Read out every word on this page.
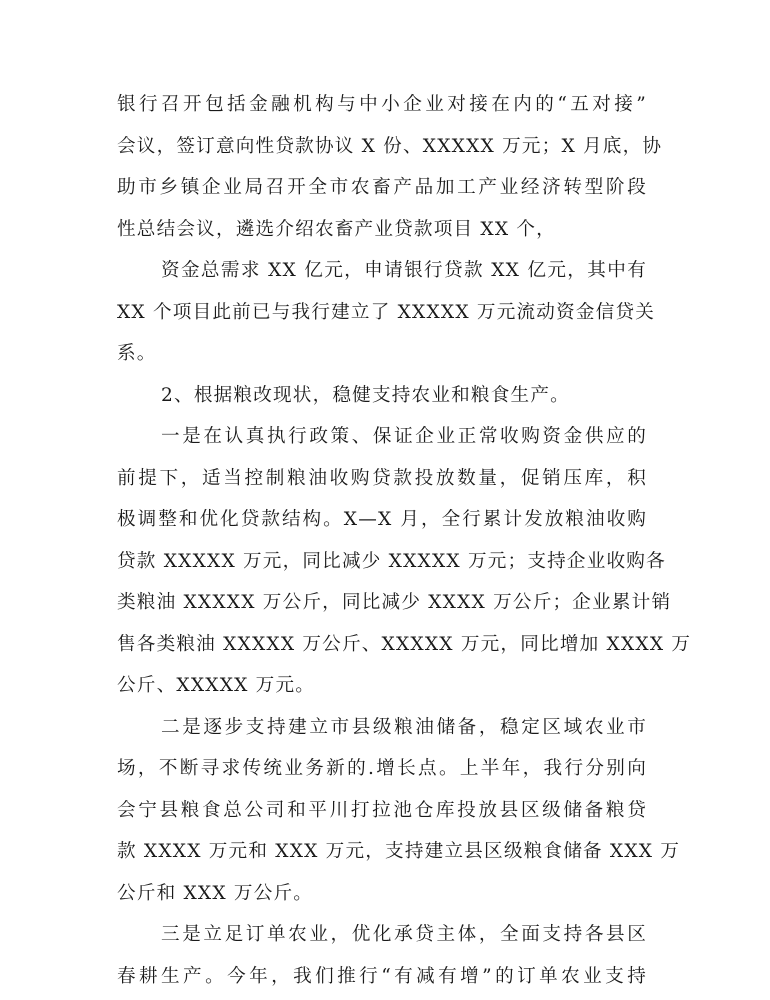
银行召开包括金融机构与中小企业对接在内的“五对接”
会议，签订意向性贷款协议 X 份、XXXXX 万元；X 月底，协
助市乡镇企业局召开全市农畜产品加工产业经济转型阶段
性总结会议，遴选介绍农畜产业贷款项目 XX 个，

资金总需求 XX 亿元，申请银行贷款 XX 亿元，其中有
XX 个项目此前已与我行建立了 XXXXX 万元流动资金信贷关
系。

2、根据粮改现状，稳健支持农业和粮食生产。

一是在认真执行政策、保证企业正常收购资金供应的
前提下，适当控制粮油收购贷款投放数量，促销压库，积
极调整和优化贷款结构。X—X 月，全行累计发放粮油收购
贷款 XXXXX 万元，同比减少 XXXXX 万元；支持企业收购各
类粮油 XXXXX 万公斤，同比减少 XXXX 万公斤；企业累计销
售各类粮油 XXXXX 万公斤、XXXXX 万元，同比增加 XXXX 万
公斤、XXXXX 万元。

二是逐步支持建立市县级粮油储备，稳定区域农业市
场，不断寻求传统业务新的.增长点。上半年，我行分别向
会宁县粮食总公司和平川打拉池仓库投放县区级储备粮贷
款 XXXX 万元和 XXX 万元，支持建立县区级粮食储备 XXX 万
公斤和 XXX 万公斤。

三是立足订单农业，优化承贷主体，全面支持各县区
春耕生产。今年，我们推行“有减有增”的订单农业支持
